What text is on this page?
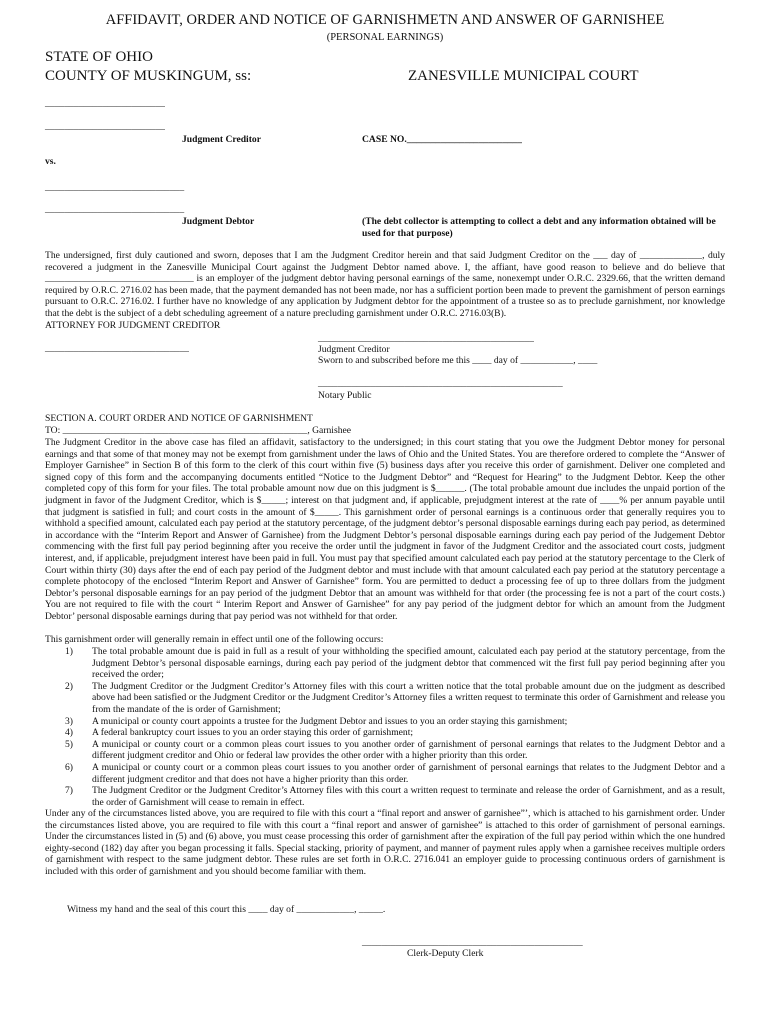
AFFIDAVIT, ORDER AND NOTICE OF GARNISHMETN AND ANSWER OF GARNISHEE
(PERSONAL EARNINGS)
STATE OF OHIO
COUNTY OF MUSKINGUM, ss:	ZANESVILLE MUNICIPAL COURT
_________________________
_________________________
Judgment Creditor	CASE NO.________________________
vs.
_____________________________
_____________________________
Judgment Debtor	(The debt collector is attempting to collect a debt and any information obtained will be used for that purpose)
The undersigned, first duly cautioned and sworn, deposes that I am the Judgment Creditor herein and that said Judgment Creditor on the ___ day of _____________, duly recovered a judgment in the Zanesville Municipal Court against the Judgment Debtor named above. I, the affiant, have good reason to believe and do believe that _______________________________ is an employer of the judgment debtor having personal earnings of the same, nonexempt under O.R.C. 2329.66, that the written demand required by O.R.C. 2716.02 has been made, that the payment demanded has not been made, nor has a sufficient portion been made to prevent the garnishment of person earnings pursuant to O.R.C. 2716.02. I further have no knowledge of any application by Judgment debtor for the appointment of a trustee so as to preclude garnishment, nor knowledge that the debt is the subject of a debt scheduling agreement of a nature precluding garnishment under O.R.C. 2716.03(B).
ATTORNEY FOR JUDGMENT CREDITOR
_____________________________________________
______________________________	Judgment Creditor
Sworn to and subscribed before me this ____ day of ___________, ____
___________________________________________________
Notary Public
SECTION A. COURT ORDER AND NOTICE OF GARNISHMENT
TO: ___________________________________________________, Garnishee
The Judgment Creditor in the above case has filed an affidavit, satisfactory to the undersigned; in this court stating that you owe the Judgment Debtor money for personal earnings and that some of that money may not be exempt from garnishment under the laws of Ohio and the United States. You are therefore ordered to complete the “Answer of Employer Garnishee” in Section B of this form to the clerk of this court within five (5) business days after you receive this order of garnishment. Deliver one completed and signed copy of this form and the accompanying documents entitled “Notice to the Judgment Debtor” and “Request for Hearing” to the Judgment Debtor. Keep the other completed copy of this form for your files. The total probable amount now due on this judgment is $______. (The total probable amount due includes the unpaid portion of the judgment in favor of the Judgment Creditor, which is $_____; interest on that judgment and, if applicable, prejudgment interest at the rate of ____% per annum payable until that judgment is satisfied in full; and court costs in the amount of $_____. This garnishment order of personal earnings is a continuous order that generally requires you to withhold a specified amount, calculated each pay period at the statutory percentage, of the judgment debtor’s personal disposable earnings during each pay period, as determined in accordance with the “Interim Report and Answer of Garnishee) from the Judgment Debtor’s personal disposable earnings during each pay period of the Judgement Debtor commencing with the first full pay period beginning after you receive the order until the judgment in favor of the Judgment Creditor and the associated court costs, judgment interest, and, if applicable, prejudgment interest have been paid in full. You must pay that specified amount calculated each pay period at the statutory percentage to the Clerk of Court within thirty (30) days after the end of each pay period of the Judgment debtor and must include with that amount calculated each pay period at the statutory percentage a complete photocopy of the enclosed “Interim Report and Answer of Garnishee” form. You are permitted to deduct a processing fee of up to three dollars from the judgment Debtor’s personal disposable earnings for an pay period of the judgment Debtor that an amount was withheld for that order (the processing fee is not a part of the court costs.) You are not required to file with the court “ Interim Report and Answer of Garnishee” for any pay period of the judgment debtor for which an amount from the Judgment Debtor’ personal disposable earnings during that pay period was not withheld for that order.
This garnishment order will generally remain in effect until one of the following occurs:
1) The total probable amount due is paid in full as a result of your withholding the specified amount, calculated each pay period at the statutory percentage, from the Judgment Debtor’s personal disposable earnings, during each pay period of the judgment debtor that commenced wit the first full pay period beginning after you received the order;
2) The Judgment Creditor or the Judgment Creditor’s Attorney files with this court a written notice that the total probable amount due on the judgment as described above had been satisfied or the Judgment Creditor or the Judgment Creditor’s Attorney files a written request to terminate this order of Garnishment and release you from the mandate of the is order of Garnishment;
3) A municipal or county court appoints a trustee for the Judgment Debtor and issues to you an order staying this garnishment;
4) A federal bankruptcy court issues to you an order staying this order of garnishment;
5) A municipal or county court or a common pleas court issues to you another order of garnishment of personal earnings that relates to the Judgment Debtor and a different judgment creditor and Ohio or federal law provides the other order with a higher priority than this order.
6) A municipal or county court or a common pleas court issues to you another order of garnishment of personal earnings that relates to the Judgment Debtor and a different judgment creditor and that does not have a higher priority than this order.
7) The Judgment Creditor or the Judgment Creditor’s Attorney files with this court a written request to terminate and release the order of Garnishment, and as a result, the order of Garnishment will cease to remain in effect.
Under any of the circumstances listed above, you are required to file with this court a “final report and answer of garnishee”’, which is attached to his garnishment order. Under the circumstances listed above, you are required to file with this court a “final report and answer of garnishee” is attached to this order of garnishment of personal earnings. Under the circumstances listed in (5) and (6) above, you must cease processing this order of garnishment after the expiration of the full pay period within which the one hundred eighty-second (182) day after you began processing it falls. Special stacking, priority of payment, and manner of payment rules apply when a garnishee receives multiple orders of garnishment with respect to the same judgment debtor. These rules are set forth in O.R.C. 2716.041 an employer guide to processing continuous orders of garnishment is included with this order of garnishment and you should become familiar with them.
Witness my hand and the seal of this court this ____ day of ____________, _____.
______________________________________________
Clerk-Deputy Clerk
